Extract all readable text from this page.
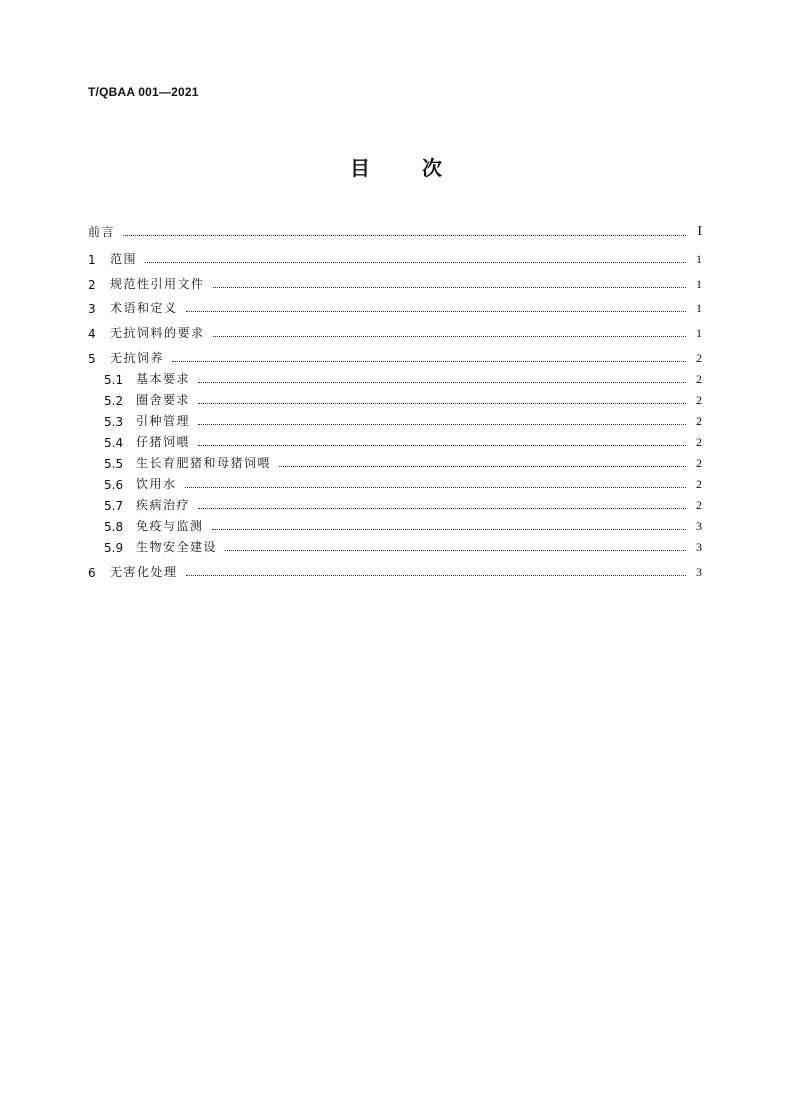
T/QBAA 001—2021
目	次
前言	I
1	范围	1
2	规范性引用文件	1
3	术语和定义	1
4	无抗饲料的要求	1
5	无抗饲养	2
5.1	基本要求	2
5.2	圈舍要求	2
5.3	引种管理	2
5.4	仔猪饲喂	2
5.5	生长育肥猪和母猪饲喂	2
5.6	饮用水	2
5.7	疾病治疗	2
5.8	免疫与监测	3
5.9	生物安全建设	3
6	无害化处理	3
